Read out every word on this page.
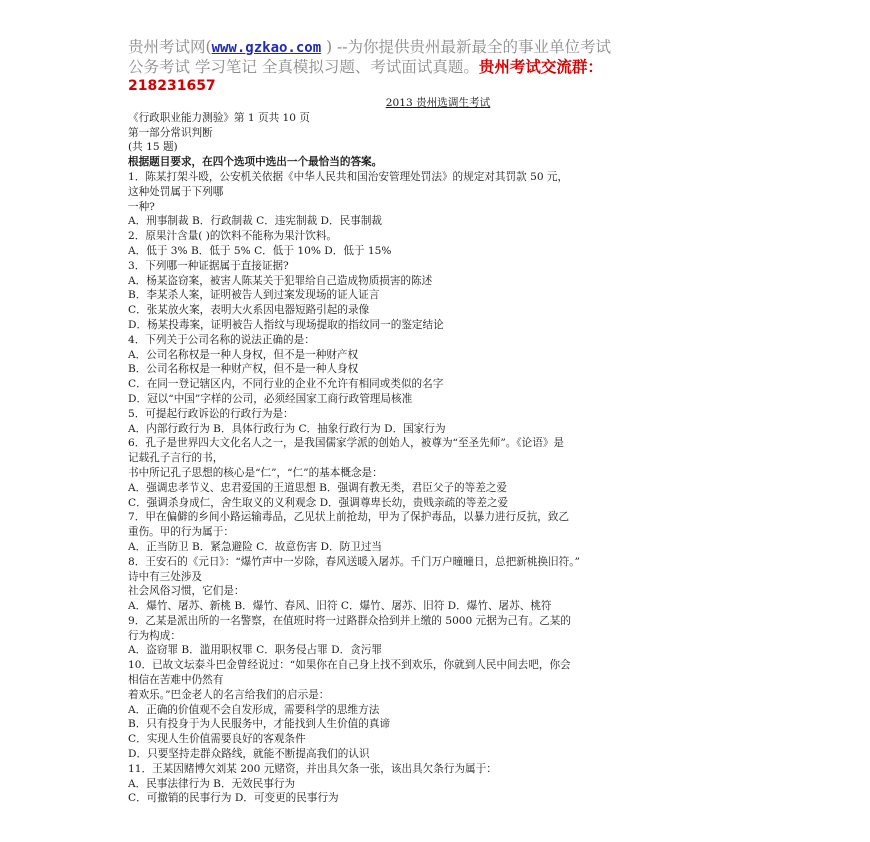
贵州考试网(www.gzkao.com ) --为你提供贵州最新最全的事业单位考试
公务考试 学习笔记 全真模拟习题、考试面试真题。贵州考试交流群：
218231657

2013 贵州选调生考试

《行政职业能力测验》第 1 页共 10 页

第一部分常识判断

(共 15 题)

根据题目要求，在四个选项中选出一个最恰当的答案。

1．陈某打架斗殴，公安机关依据《中华人民共和国治安管理处罚法》的规定对其罚款 50 元，

这种处罚属于下列哪

一种?

A．刑事制裁 B．行政制裁 C．违宪制裁 D．民事制裁

2．原果汁含量( )的饮料不能称为果汁饮料。

A．低于 3% B．低于 5% C．低于 10% D．低于 15%

3．下列哪一种证据属于直接证据?

A．杨某盗窃案，被害人陈某关于犯罪给自己造成物质损害的陈述

B．李某杀人案，证明被告人到过案发现场的证人证言

C．张某放火案，表明大火系因电器短路引起的录像

D．杨某投毒案，证明被告人指纹与现场提取的指纹同一的鉴定结论

4．下列关于公司名称的说法正确的是：

A．公司名称权是一种人身权，但不是一种财产权

B．公司名称权是一种财产权，但不是一种人身权

C．在同一登记辖区内，不同行业的企业不允许有相同或类似的名字

D．冠以“中国”字样的公司，必须经国家工商行政管理局核准

5．可提起行政诉讼的行政行为是：

A．内部行政行为 B．具体行政行为 C．抽象行政行为 D．国家行为

6．孔子是世界四大文化名人之一，是我国儒家学派的创始人，被尊为“至圣先师”。《论语》是

记载孔子言行的书，

书中所记孔子思想的核心是“仁”，“仁”的基本概念是：

A．强调忠孝节义、忠君爱国的王道思想 B．强调有教无类，君臣父子的等差之爱

C．强调杀身成仁，舍生取义的义利观念 D．强调尊卑长幼，贵贱亲疏的等差之爱

7．甲在偏僻的乡间小路运输毒品，乙见状上前抢劫，甲为了保护毒品，以暴力进行反抗，致乙

重伤。甲的行为属于：

A．正当防卫 B．紧急避险 C．故意伤害 D．防卫过当

8．王安石的《元日》：“爆竹声中一岁除，春风送暖入屠苏。千门万户曈曈日，总把新桃换旧符。”

诗中有三处涉及

社会风俗习惯，它们是：

A．爆竹、屠苏、新桃 B．爆竹、春风、旧符 C．爆竹、屠苏、旧符 D．爆竹、屠苏、桃符

9．乙某是派出所的一名警察，在值班时将一过路群众拾到并上缴的 5000 元据为己有。乙某的

行为构成：

A．盗窃罪 B．滥用职权罪 C．职务侵占罪 D．贪污罪

10．已故文坛泰斗巴金曾经说过：“如果你在自己身上找不到欢乐，你就到人民中间去吧，你会

相信在苦难中仍然有

着欢乐。”巴金老人的名言给我们的启示是：

A．正确的价值观不会自发形成，需要科学的思维方法

B．只有投身于为人民服务中，才能找到人生价值的真谛

C．实现人生价值需要良好的客观条件

D．只要坚持走群众路线，就能不断提高我们的认识

11．王某因赌博欠刘某 200 元赌资，并出具欠条一张，该出具欠条行为属于：

A．民事法律行为 B．无效民事行为

C．可撤销的民事行为 D．可变更的民事行为
